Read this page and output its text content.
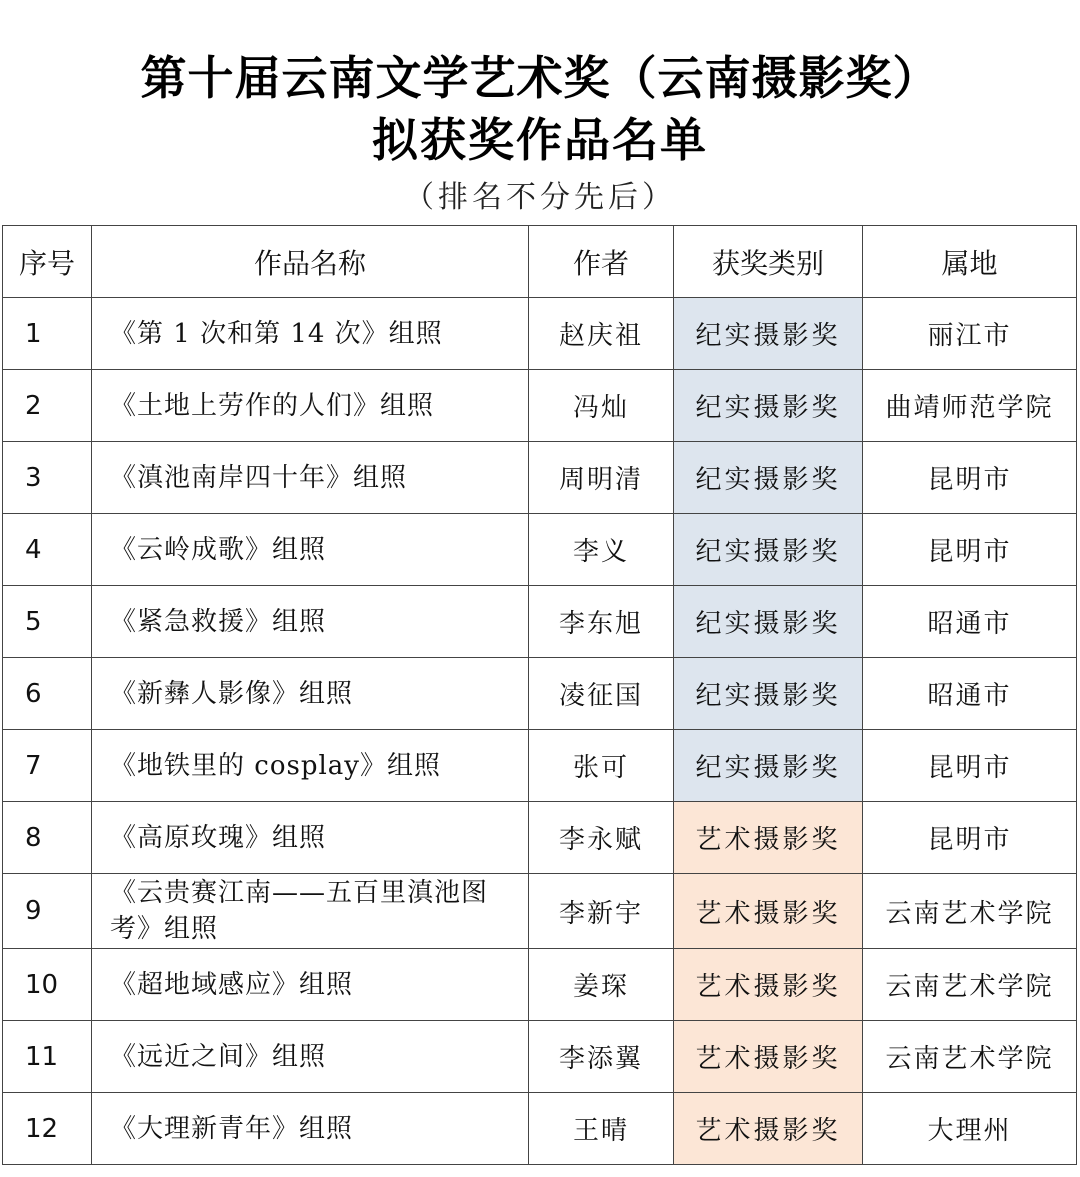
第十届云南文学艺术奖（云南摄影奖）
拟获奖作品名单
（排名不分先后）
序号	作品名称	作者	获奖类别	属地
1	《第 1 次和第 14 次》组照	赵庆祖	纪实摄影奖	丽江市
2	《土地上劳作的人们》组照	冯灿	纪实摄影奖	曲靖师范学院
3	《滇池南岸四十年》组照	周明清	纪实摄影奖	昆明市
4	《云岭成歌》组照	李义	纪实摄影奖	昆明市
5	《紧急救援》组照	李东旭	纪实摄影奖	昭通市
6	《新彝人影像》组照	凌征国	纪实摄影奖	昭通市
7	《地铁里的 cosplay》组照	张可	纪实摄影奖	昆明市
8	《高原玫瑰》组照	李永赋	艺术摄影奖	昆明市
9	《云贵赛江南——五百里滇池图考》组照	李新宇	艺术摄影奖	云南艺术学院
10	《超地域感应》组照	姜琛	艺术摄影奖	云南艺术学院
11	《远近之间》组照	李添翼	艺术摄影奖	云南艺术学院
12	《大理新青年》组照	王晴	艺术摄影奖	大理州
